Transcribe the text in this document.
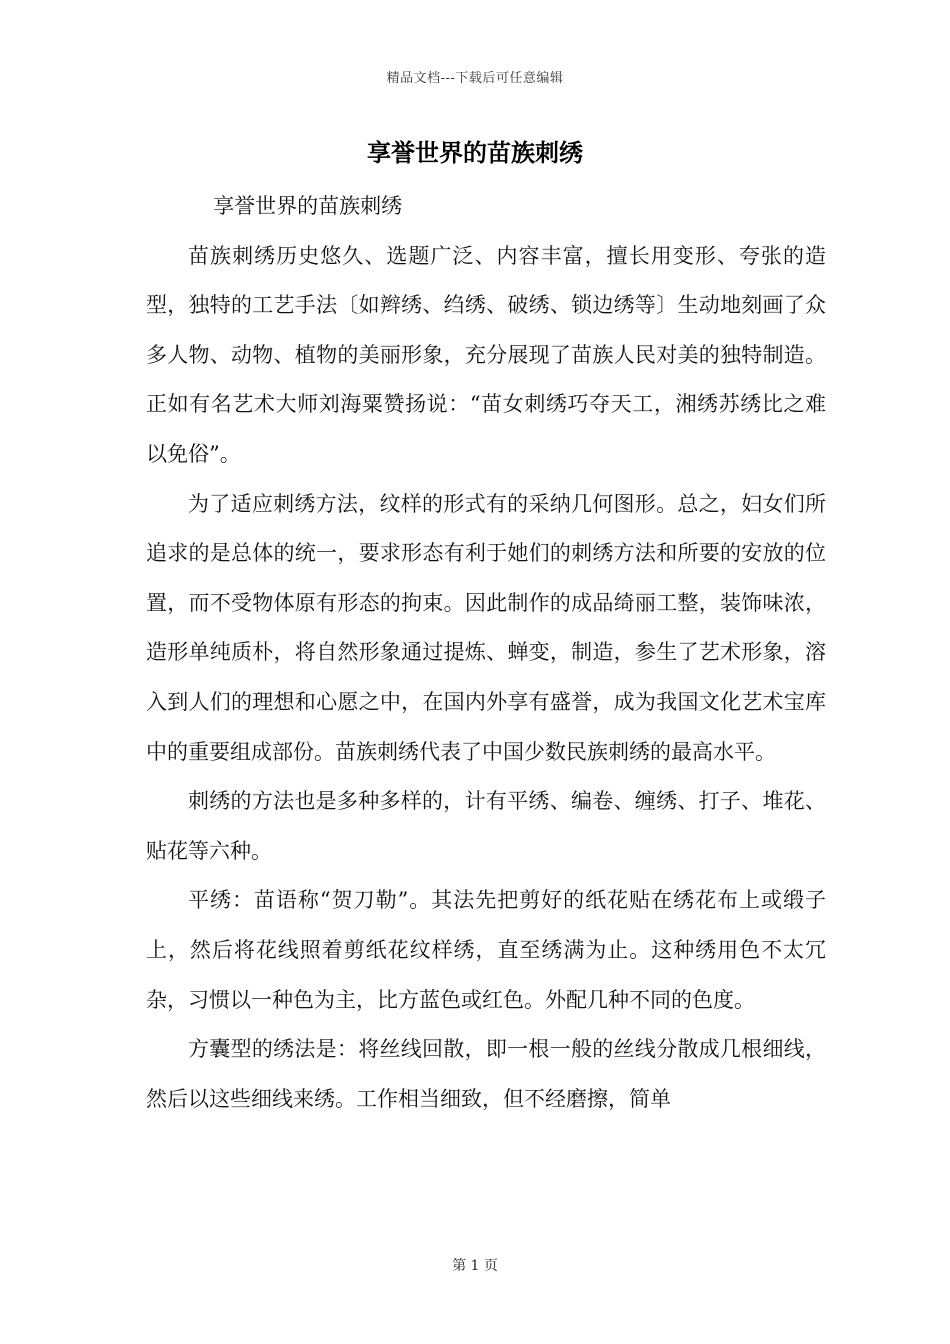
精品文档---下载后可任意编辑
享誉世界的苗族刺绣

享誉世界的苗族刺绣

苗族刺绣历史悠久、选题广泛、内容丰富，擅长用变形、夸张的造型，独特的工艺手法〔如辫绣、绉绣、破绣、锁边绣等〕生动地刻画了众多人物、动物、植物的美丽形象，充分展现了苗族人民对美的独特制造。正如有名艺术大师刘海粟赞扬说：“苗女刺绣巧夺天工，湘绣苏绣比之难以免俗”。

为了适应刺绣方法，纹样的形式有的采纳几何图形。总之，妇女们所追求的是总体的统一，要求形态有利于她们的刺绣方法和所要的安放的位置，而不受物体原有形态的拘束。因此制作的成品绮丽工整，装饰味浓，造形单纯质朴，将自然形象通过提炼、蝉变，制造，参生了艺术形象，溶入到人们的理想和心愿之中，在国内外享有盛誉，成为我国文化艺术宝库中的重要组成部份。苗族刺绣代表了中国少数民族刺绣的最高水平。

刺绣的方法也是多种多样的，计有平绣、编卷、缠绣、打子、堆花、贴花等六种。

平绣：苗语称“贺刀勒”。其法先把剪好的纸花贴在绣花布上或缎子上，然后将花线照着剪纸花纹样绣，直至绣满为止。这种绣用色不太冗杂，习惯以一种色为主，比方蓝色或红色。外配几种不同的色度。

方囊型的绣法是：将丝线回散，即一根一般的丝线分散成几根细线，然后以这些细线来绣。工作相当细致，但不经磨擦，简单

第 1 页
